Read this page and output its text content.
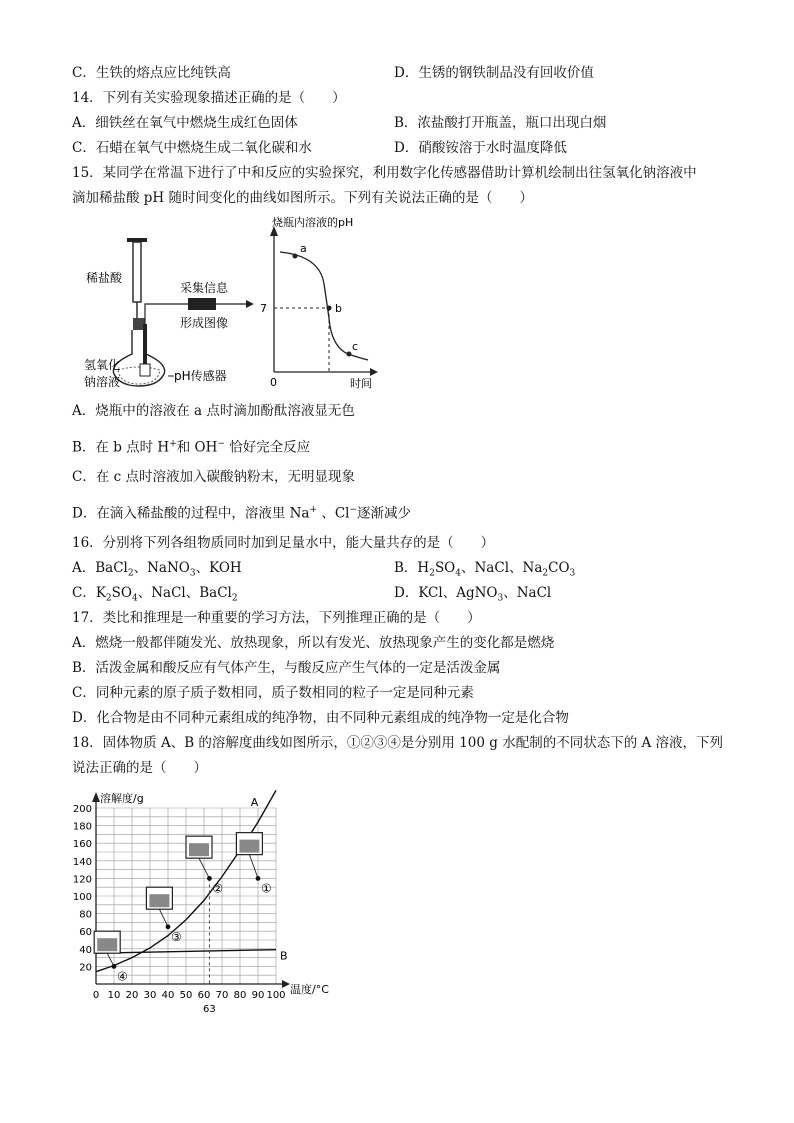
C．生铁的熔点应比纯铁高	D．生锈的钢铁制品没有回收价值
14．下列有关实验现象描述正确的是（　　）
A．细铁丝在氧气中燃烧生成红色固体	B．浓盐酸打开瓶盖，瓶口出现白烟
C．石蜡在氧气中燃烧生成二氧化碳和水	D．硝酸铵溶于水时温度降低
15．某同学在常温下进行了中和反应的实验探究，利用数字化传感器借助计算机绘制出往氢氧化钠溶液中
滴加稀盐酸 pH 随时间变化的曲线如图所示。下列有关说法正确的是（　　）
稀盐酸
采集信息
形成图像
氢氧化
钠溶液	pH传感器
烧瓶内溶液的pH
时间
0
7
a
b
c
A．烧瓶中的溶液在 a 点时滴加酚酞溶液显无色
B．在 b 点时 H+和 OH− 恰好完全反应
C．在 c 点时溶液加入碳酸钠粉末，无明显现象
D．在滴入稀盐酸的过程中，溶液里 Na+ 、Cl−逐渐减少
16．分别将下列各组物质同时加到足量水中，能大量共存的是（　　）
A．BaCl$_2$、NaNO$_3$、KOH	B．$H_2SO_4$、NaCl、$Na_2CO_3$
C．$K_2SO_4$、NaCl、BaCl$_2$	D．KCl、AgNO$_3$、NaCl
17．类比和推理是一种重要的学习方法，下列推理正确的是（　　）
A．燃烧一般都伴随发光、放热现象，所以有发光、放热现象产生的变化都是燃烧
B．活泼金属和酸反应有气体产生，与酸反应产生气体的一定是活泼金属
C．同种元素的原子质子数相同，质子数相同的粒子一定是同种元素
D．化合物是由不同种元素组成的纯净物，由不同种元素组成的纯净物一定是化合物
18．固体物质 A、B 的溶解度曲线如图所示，①②③④是分别用 100 g 水配制的不同状态下的 A 溶液，下列
说法正确的是（　　）
溶解度/g
温度/°C
20
40
60
80
100
120
140
160
180
200
0 10 20 30 40 50 60 70 80 90 100
63
A
B
①
②
③
④
